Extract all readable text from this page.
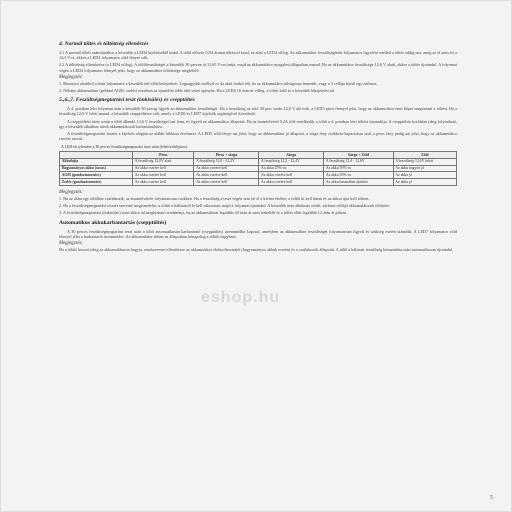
4. Normál töltés és töltöttség ellenőrzés
4.1 A normál töltés számításához a készülék a LED4 kijelzéséből indul. A töltő először 0,8A áramú töltéssel kezd, ez alatt a LED4 villog. Az akkumulátor feszültségének folyamatos figyelése mellett a töltés addig tart, amíg az el nem éri a 14,3 V-ot, ekkor a LED4 folyamatos zöld fényre vált.
4.2 A töltöttség ellenőrzése (a LED4 villog). A töltőfeszültséget a készülék 30 percen át 13,65 V-on tartja, majd az akkumulátor nyugalmi állapotban marad. Ha az akkumulátor feszültsége 12,6 V alatti, akkor a töltés újraindul. A folyamat végén a LED4 folyamatos fénnyel jelzi, hogy az akkumulátor töltöttsége megfelelő.
Megjegyzés:
1. Bizonyos okokból a fenti folyamatot a készülék idő előtt befejezheti. Legnagyobb eséllyel ez 4a alatt fordul elő, ha az akkumulátor túlságosan lemerült, vagy a 3 cellája közül egy zárlatos.
2. Néhány akkumulátor (például AGM, zselés) esetében az újratöltés több időt vehet igénybe. Ha a LED4 16 órán át villog, a töltés leáll és a készülék hibajelzést ad.
5.,6.,7. Feszültségmegtartási teszt (önkisülés) és csepptöltés
A 4. pontban leírt folyamat után a készülék 30 percig figyeli az akkumulátor feszültségét. Ha a feszültség az első 30 perc során 12,6 V alá esik, a LED5 piros fénnyel jelzi, hogy az akkumulátor nem képes megtartani a töltést. Ha a feszültség 12,6 V felett marad, a készülék csepptöltésre vált, amely a LED6 és LED7 kijelzők segítségével követhető.
A csepptöltési fázis során a töltő állandó 13,6 V feszültséget tart fenn, és figyeli az akkumulátor állapotát. Ha az áramfelvétel 0,2A fölé emelkedik, a töltő a 4. pontban leírt töltést újraindítja. A csepptöltés korlátlan ideig folytatható, így a készülék alkalmas tárolt akkumulátorok karbantartására.
A feszültségmegtartási tesztet a kijelzés alapján az alábbi táblázat értelmezi. A LED5 zöld fénye azt jelzi, hogy az akkumulátor jó állapotú, a sárga fény csökkent kapacitásra utal, a piros fény pedig azt jelzi, hogy az akkumulátor cserére szorul.
A LED-ek jelentése a 30 perces feszültségmegtartási teszt után (fehér/zöld/piros)
	Piros	Piros + sárga	Sárga	Sárga + Zöld	Zöld
Akkufajta	A feszültség 12,0V alatt	A feszültség 12,0 - 12,2V	A feszültség 12,2 - 12,4V	A feszültség 12,4 - 12,6V	A feszültség 12,6V felett
Hagyományos akku (savas)	Az akku cserére kell	Az akku cserére kell	Az akku 25%-os	Az akku 50%-os	Az akku nagyon jó
AGM (gondozásmentes)	Az akku cserére kell	Az akku cserére kell	Az akku cserére kell	Az akku 50%-os	Az akku jó
Zselés (gondozásmentes)	Az akku cserére kell	Az akku cserére kell	Az akku cserére kell	Az akku használata ajánlott	Az akku jó
Megjegyzés:
1. Ha az akku egy töltőhöz csatlakozik, az áramfelvétele folyamatosan csökken. Ha a feszültség a teszt végén sem éri el a kívánt értéket, a töltőt ki kell húzni és az akkut újra kell tölteni.
2. Ha a feszültségmegtartási tesztet szeretné megismételni, a töltőt a hálózatról le kell választani, majd a folyamat újraindul. A készülék nem alkalmas sérült, zárlatos cellájú akkumulátorok töltésére.
3. A feszültségmegtartási (önkisülés) teszt akkor ad megbízható eredményt, ha az akkumulátort legalább 24 órán át nem terhelték és a töltés előtt legalább 12 órán át pihent.
Automatikus akkukarbantartás (csepptöltés)
A 30 perces feszültségmegtartási teszt után a töltő automatikusan karbantartó (csepptöltés) üzemmódba kapcsol, amelyben az akkumulátor feszültségét folyamatosan figyeli és szükség esetén utántölti. A LED7 folyamatos zöld fénnyel jelzi a karbantartó üzemmódot. Az akkumulátor ebben az állapotban hónapokig a töltőn hagyható.
Megjegyzés:
Ha a töltőt hosszú ideig az akkumulátoron hagyja, rendszeresen ellenőrizze az akkumulátor elektrolitszintjét (hagyományos akkuk esetén) és a csatlakozók állapotát. A töltő a hálózati feszültség kimaradása után automatikusan újraindul.
eshop.hu
5
